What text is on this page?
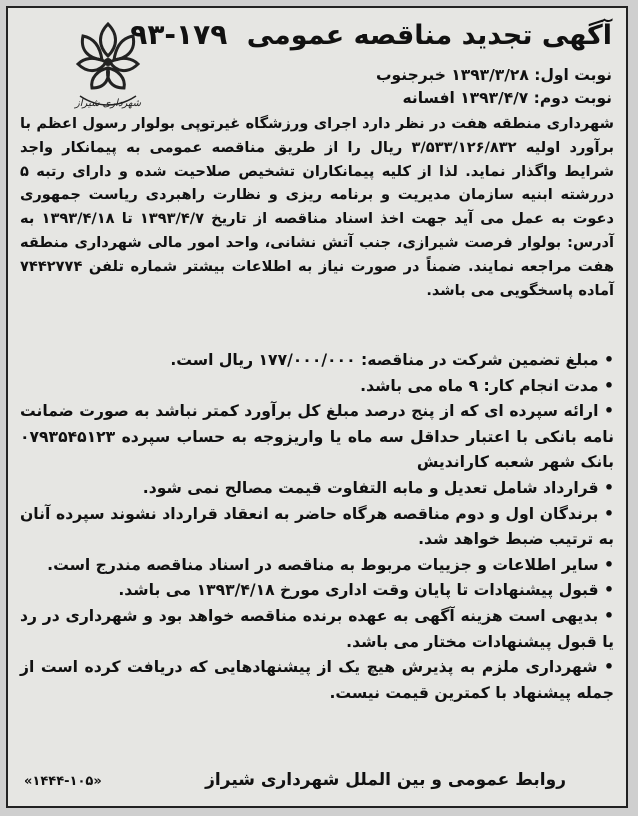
آگهی تجدید مناقصه عمومی ۱۷۹-۹۳
نوبت اول: ۱۳۹۳/۳/۲۸ خبرجنوب
نوبت دوم: ۱۳۹۳/۴/۷ افسانه
شهرداری شیراز

شهرداری منطقه هفت در نظر دارد اجرای ورزشگاه غیرتوپی بولوار رسول اعظم با برآورد اولیه ۳/۵۳۳/۱۲۶/۸۳۲ ریال را از طریق مناقصه عمومی به پیمانکار واجد شرایط واگذار نماید. لذا از کلیه پیمانکاران تشخیص صلاحیت شده و دارای رتبه ۵ دررشته ابنیه سازمان مدیریت و برنامه ریزی و نظارت راهبردی ریاست جمهوری دعوت به عمل می آید جهت اخذ اسناد مناقصه از تاریخ ۱۳۹۳/۴/۷ تا ۱۳۹۳/۴/۱۸ به آدرس: بولوار فرصت شیرازی، جنب آتش نشانی، واحد امور مالی شهرداری منطقه هفت مراجعه نمایند. ضمناً در صورت نیاز به اطلاعات بیشتر شماره تلفن ۷۴۴۲۷۷۴ آماده پاسخگویی می باشد.

• مبلغ تضمین شرکت در مناقصه: ۱۷۷/۰۰۰/۰۰۰ ریال است.

• مدت انجام کار: ۹ ماه می باشد.

• ارائه سپرده ای که از پنج درصد مبلغ کل برآورد کمتر نباشد به صورت ضمانت نامه بانکی با اعتبار حداقل سه ماه یا واریزوجه به حساب سپرده ۰۷۹۳۵۴۵۱۲۳ بانک شهر شعبه کارانديش

• قرارداد شامل تعدیل و مابه التفاوت قیمت مصالح نمی شود.

• برندگان اول و دوم مناقصه هرگاه حاضر به انعقاد قرارداد نشوند سپرده آنان به ترتیب ضبط خواهد شد.

• سایر اطلاعات و جزییات مربوط به مناقصه در اسناد مناقصه مندرج است.

• قبول پیشنهادات تا پایان وقت اداری مورخ ۱۳۹۳/۴/۱۸ می باشد.

• بدیهی است هزینه آگهی به عهده برنده مناقصه خواهد بود و شهرداری در رد یا قبول پیشنهادات مختار می باشد.

• شهرداری ملزم به پذیرش هیچ یک از پیشنهادهایی که دریافت کرده است از جمله پیشنهاد با کمترین قیمت نیست.

روابط عمومی و بین الملل شهرداری شیراز
«۱۴۴۴-۱۰۵»
